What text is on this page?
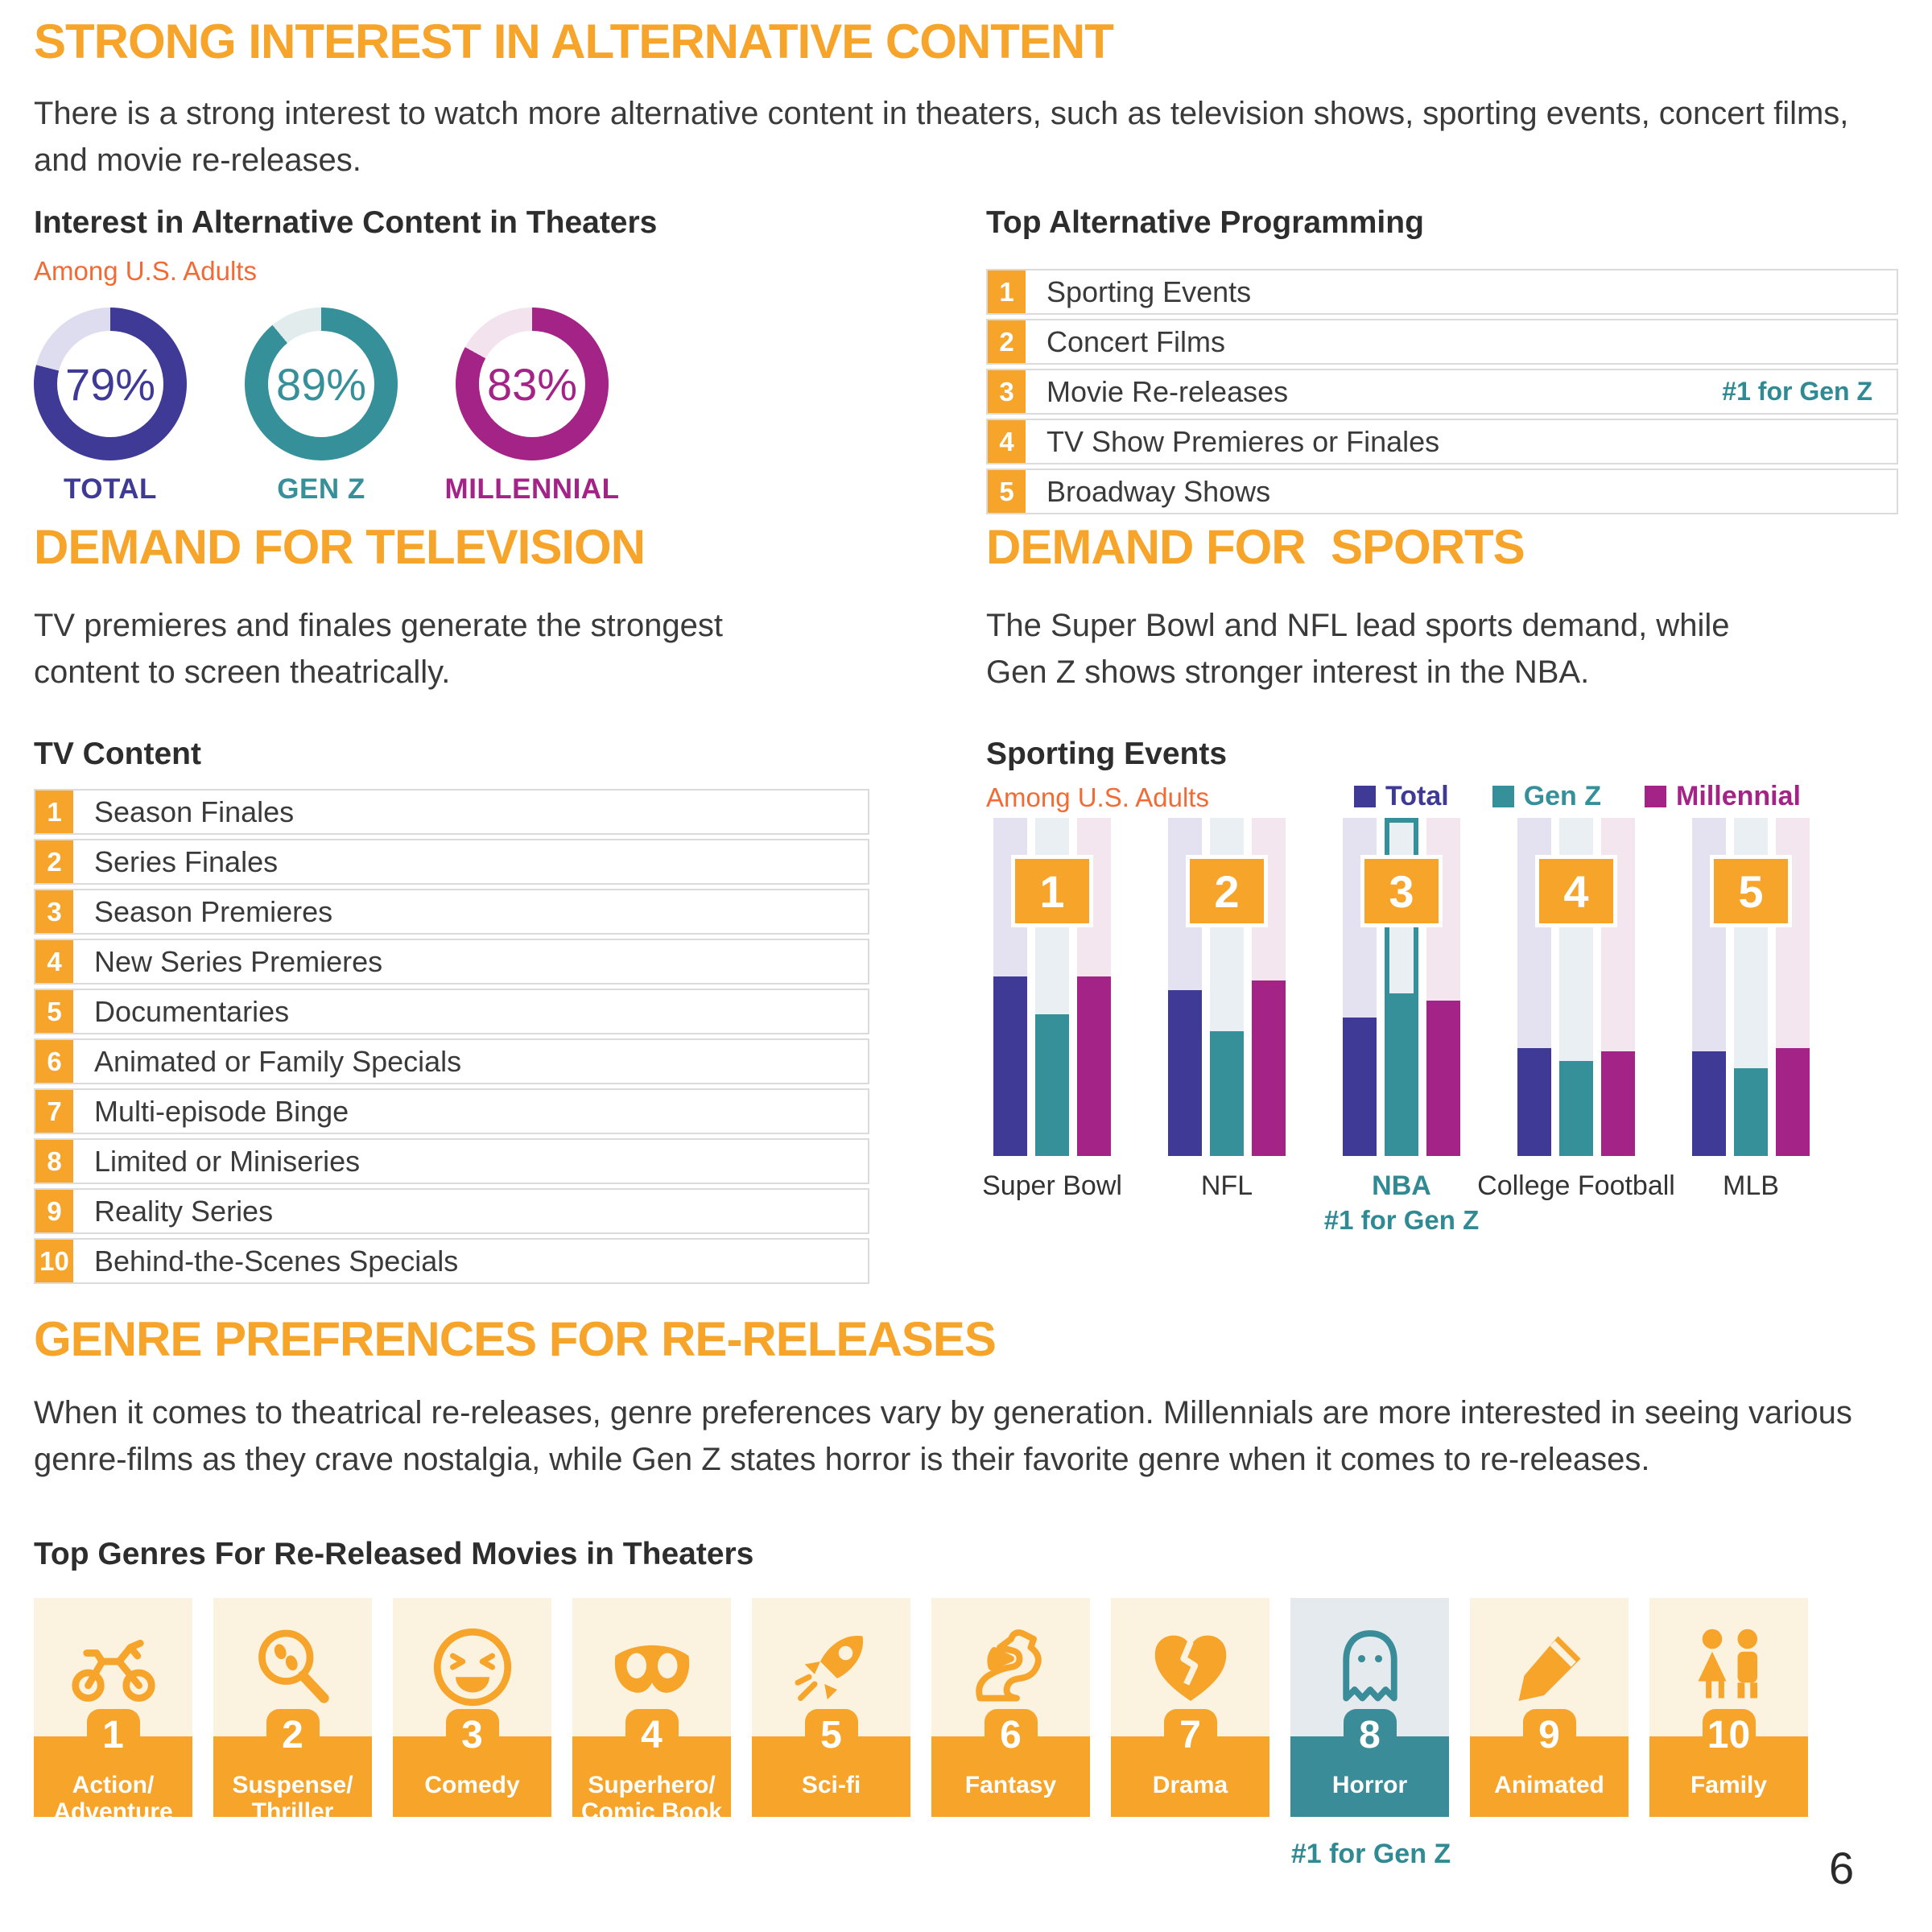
STRONG INTEREST IN ALTERNATIVE CONTENT
There is a strong interest to watch more alternative content in theaters, such as television shows, sporting events, concert films, and movie re-releases.
Interest in Alternative Content in Theaters
Among U.S. Adults
79%
TOTAL
89%
GEN Z
83%
MILLENNIAL
Top Alternative Programming
1	Sporting Events
2	Concert Films
3	Movie Re-releases	#1 for Gen Z
4	TV Show Premieres or Finales
5	Broadway Shows
DEMAND FOR TELEVISION
TV premieres and finales generate the strongest content to screen theatrically.
TV Content
1	Season Finales
2	Series Finales
3	Season Premieres
4	New Series Premieres
5	Documentaries
6	Animated or Family Specials
7	Multi-episode Binge
8	Limited or Miniseries
9	Reality Series
10 Behind-the-Scenes Specials
DEMAND FOR  SPORTS
The Super Bowl and NFL lead sports demand, while Gen Z shows stronger interest in the NBA.
Sporting Events
Among U.S. Adults	Total	Gen Z	Millennial
1
Super Bowl
2
NFL
3
NBA
#1 for Gen Z
4
College Football
5
MLB
GENRE PREFRENCES FOR RE-RELEASES
When it comes to theatrical re-releases, genre preferences vary by generation. Millennials are more interested in seeing various genre-films as they crave nostalgia, while Gen Z states horror is their favorite genre when it comes to re-releases.
Top Genres For Re-Released Movies in Theaters
Action/
Adventure
1
Suspense/
Thriller
2
Comedy
3
Superhero/
Comic Book
4
Sci-fi
5
Fantasy
6
Drama
7
Horror
8
Animated
9
Family
10
#1 for Gen Z	6
